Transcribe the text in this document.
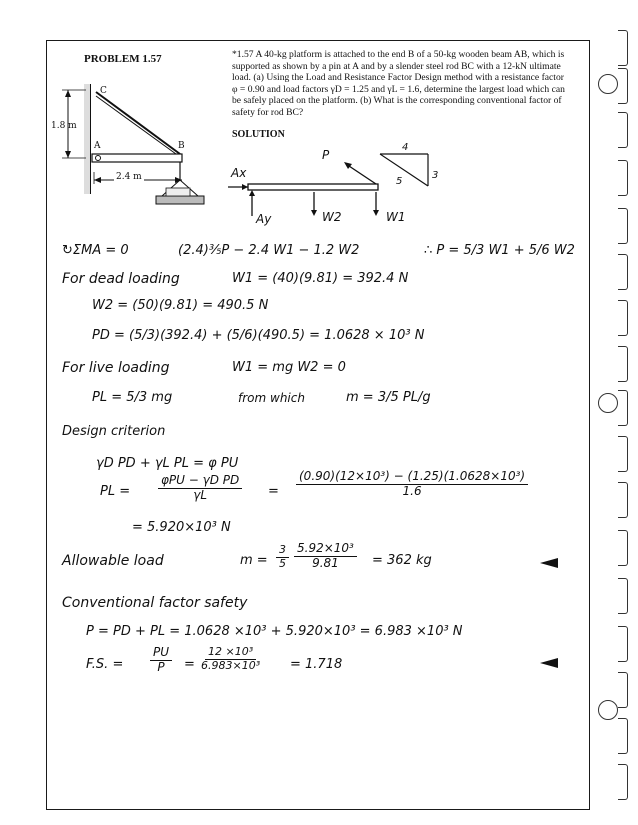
PROBLEM 1.57	*1.57 A 40-kg platform is attached to the end B of a 50-kg wooden beam AB, which is supported as shown by a pin at A and by a slender steel rod BC with a 12-kN ultimate load. (a) Using the Load and Resistance Factor Design method with a resistance factor φ = 0.90 and load factors γD = 1.25 and γL = 1.6, determine the largest load which can be safely placed on the platform. (b) What is the corresponding conventional factor of safety for rod BC?
C
A	B
1.8 m
2.4 m
SOLUTION
P
Ax
Ay	W2	W1
4
3
5
↻ΣMA = 0	(2.4)⅗P − 2.4 W1 − 1.2 W2	∴ P = 5/3 W1 + 5/6 W2
For dead loading	W1 = (40)(9.81) = 392.4 N
W2 = (50)(9.81) = 490.5 N
PD = (5/3)(392.4) + (5/6)(490.5) = 1.0628 × 10³ N
For live loading	W1 = mg W2 = 0
PL = 5/3 mg	from which	m = 3/5 PL/g
Design criterion
γD PD + γL PL = φ PU
PL = $\frac{\text{φPU − γD PD}}{\gamma L} = \frac{\text{(0.90)(12×10³) − (1.25)(1.0628×10³)}}{1.6}$
= 5.920×10³ N
Allowable load	$m = \frac{3}{5} \frac{\text{5.92×10³}}{9.81} = 362$ kg
Conventional factor safety
P = PD + PL = 1.0628 ×10³ + 5.920×10³ = 6.983 ×10³ N
F.S. = $\frac{PU}{P} = \frac{\text{12 ×10³}}{\text{6.983×10³}} = 1.718$
